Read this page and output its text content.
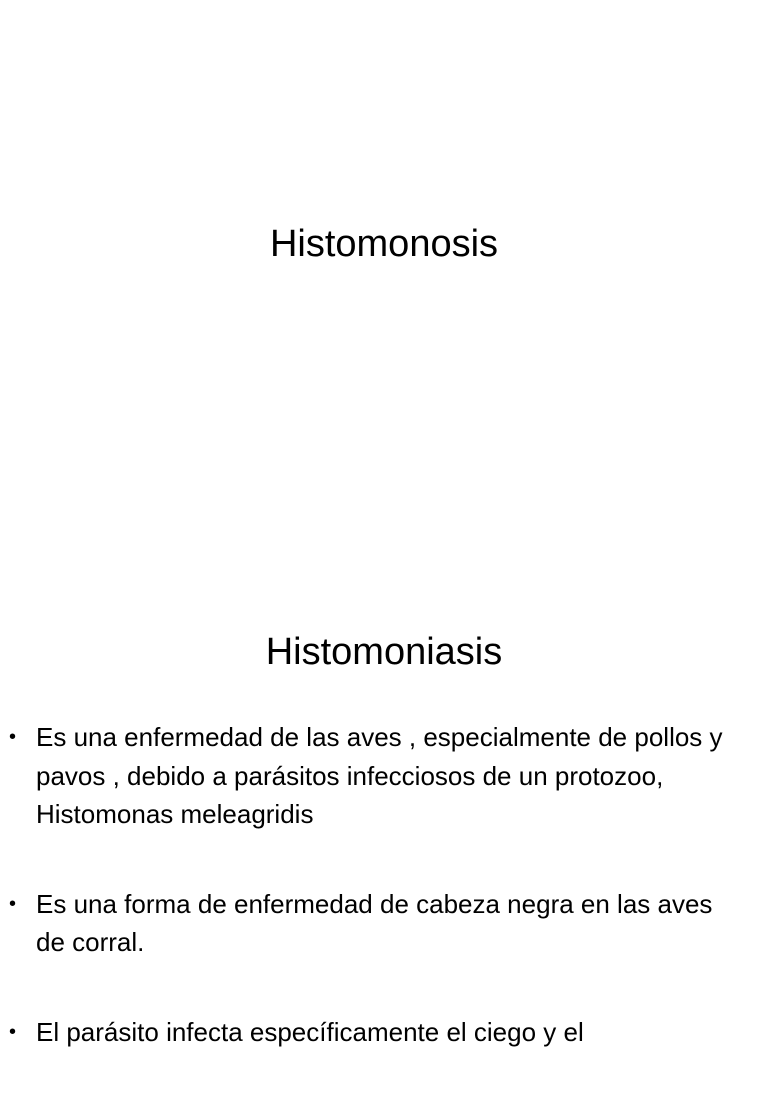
Histomonosis
Histomoniasis
• Es una enfermedad de las aves , especialmente de pollos y pavos , debido a parásitos infecciosos de un protozoo, Histomonas meleagridis
• Es una forma de enfermedad de cabeza negra en las aves de corral.
• El parásito infecta específicamente el ciego y el
